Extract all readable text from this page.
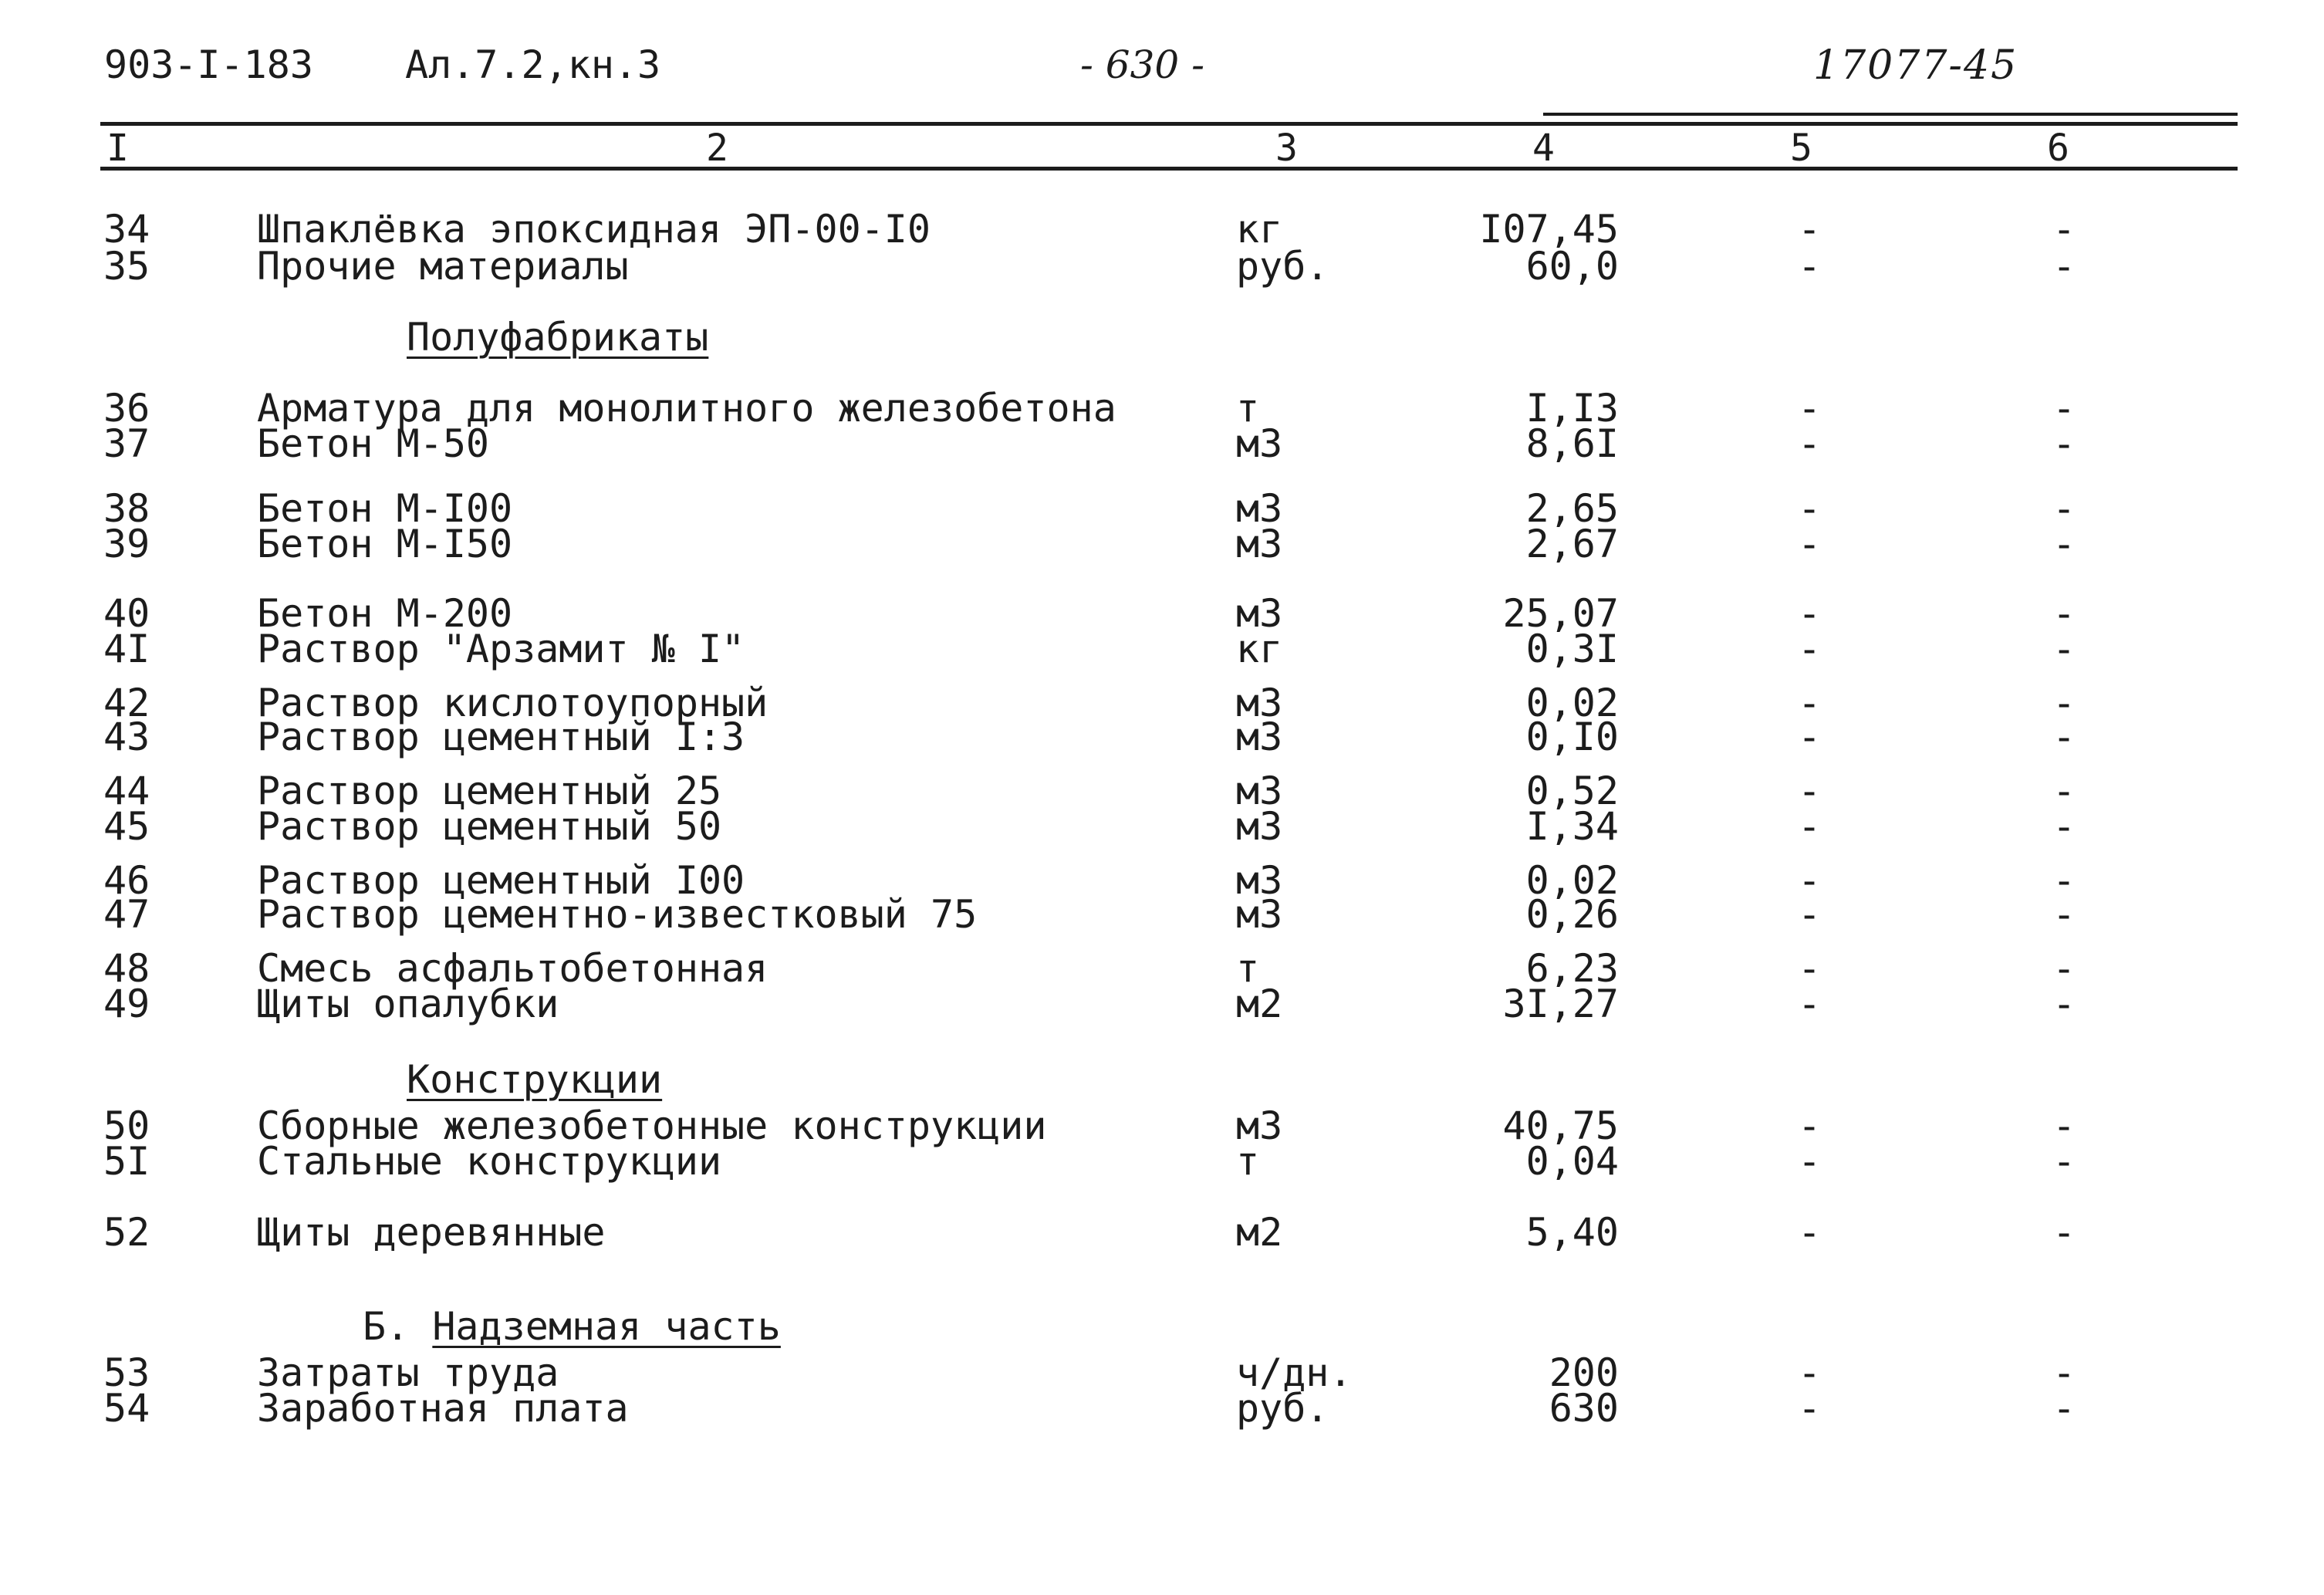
903-I-183 Ал.7.2,кн.3	- 630 -	17077-45
I	2	3	4	5	6
Полуфабрикаты
Конструкции
Б. Надземная часть
34	Шпаклёвка эпоксидная ЭП-00-I0	кг	I07,45	-	-
35	Прочие материалы	руб.	60,0	-	-
36	Арматура для монолитного железобетона	т	I,I3	-	-
37	Бетон М-50	м3	8,6I	-	-
38	Бетон М-I00	м3	2,65	-	-
39	Бетон М-I50	м3	2,67	-	-
40	Бетон М-200	м3	25,07	-	-
4I	Раствор "Арзамит № I"	кг	0,3I	-	-
42	Раствор кислотоупорный	м3	0,02	-	-
43	Раствор цементный I:3	м3	0,I0	-	-
44	Раствор цементный 25	м3	0,52	-	-
45	Раствор цементный 50	м3	I,34	-	-
46	Раствор цементный I00	м3	0,02	-	-
47	Раствор цементно-известковый 75	м3	0,26	-	-
48	Смесь асфальтобетонная	т	6,23	-	-
49	Щиты опалубки	м2	3I,27	-	-
50	Сборные железобетонные конструкции	м3	40,75	-	-
5I	Стальные конструкции	т	0,04	-	-
52	Щиты деревянные	м2	5,40	-	-
53	Затраты труда	ч/дн.	200	-	-
54	Заработная плата	руб.	630	-	-
